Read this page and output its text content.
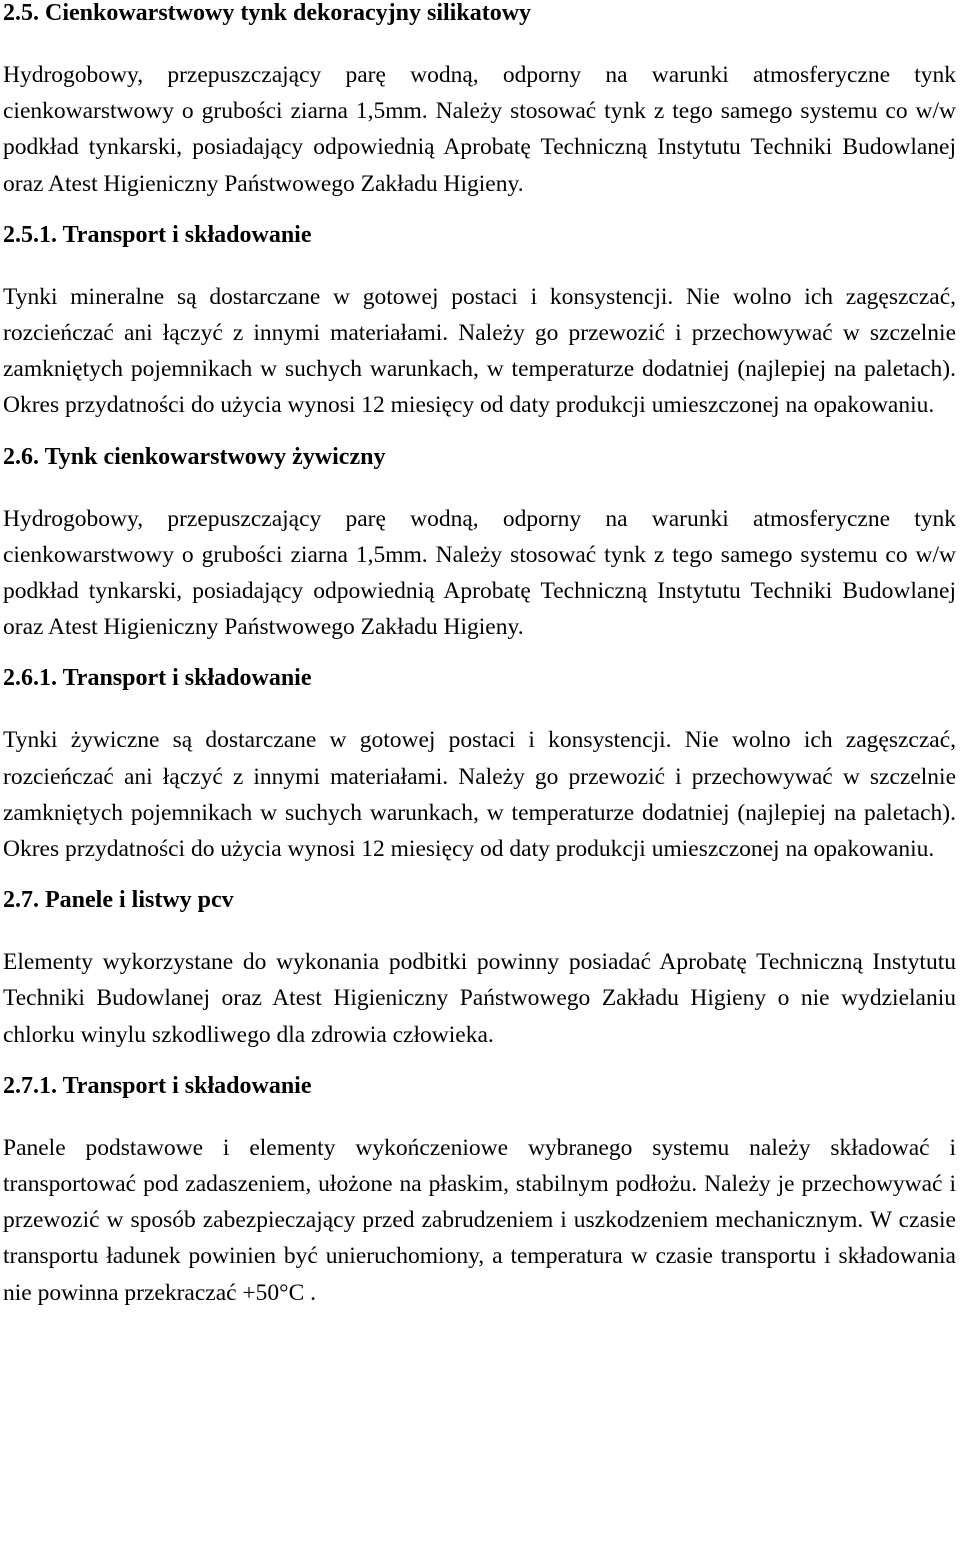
2.5. Cienkowarstwowy tynk dekoracyjny silikatowy

Hydrogobowy, przepuszczający parę wodną, odporny na warunki atmosferyczne tynk cienkowarstwowy o grubości ziarna 1,5mm. Należy stosować tynk z tego samego systemu co w/w podkład tynkarski, posiadający odpowiednią Aprobatę Techniczną Instytutu Techniki Budowlanej oraz Atest Higieniczny Państwowego Zakładu Higieny.

2.5.1. Transport i składowanie

Tynki mineralne są dostarczane w gotowej postaci i konsystencji. Nie wolno ich zagęszczać, rozcieńczać ani łączyć z innymi materiałami. Należy go przewozić i przechowywać w szczelnie zamkniętych pojemnikach w suchych warunkach, w temperaturze dodatniej (najlepiej na paletach). Okres przydatności do użycia wynosi 12 miesięcy od daty produkcji umieszczonej na opakowaniu.

2.6. Tynk cienkowarstwowy żywiczny

Hydrogobowy, przepuszczający parę wodną, odporny na warunki atmosferyczne tynk cienkowarstwowy o grubości ziarna 1,5mm. Należy stosować tynk z tego samego systemu co w/w podkład tynkarski, posiadający odpowiednią Aprobatę Techniczną Instytutu Techniki Budowlanej oraz Atest Higieniczny Państwowego Zakładu Higieny.

2.6.1. Transport i składowanie

Tynki żywiczne są dostarczane w gotowej postaci i konsystencji. Nie wolno ich zagęszczać, rozcieńczać ani łączyć z innymi materiałami. Należy go przewozić i przechowywać w szczelnie zamkniętych pojemnikach w suchych warunkach, w temperaturze dodatniej (najlepiej na paletach). Okres przydatności do użycia wynosi 12 miesięcy od daty produkcji umieszczonej na opakowaniu.

2.7. Panele i listwy pcv

Elementy wykorzystane do wykonania podbitki powinny posiadać Aprobatę Techniczną Instytutu Techniki Budowlanej oraz Atest Higieniczny Państwowego Zakładu Higieny o nie wydzielaniu chlorku winylu szkodliwego dla zdrowia człowieka.

2.7.1. Transport i składowanie

Panele podstawowe i elementy wykończeniowe wybranego systemu należy składować i transportować pod zadaszeniem, ułożone na płaskim, stabilnym podłożu. Należy je przechowywać i przewozić w sposób zabezpieczający przed zabrudzeniem i uszkodzeniem mechanicznym. W czasie transportu ładunek powinien być unieruchomiony, a temperatura w czasie transportu i składowania nie powinna przekraczać +50°C .
